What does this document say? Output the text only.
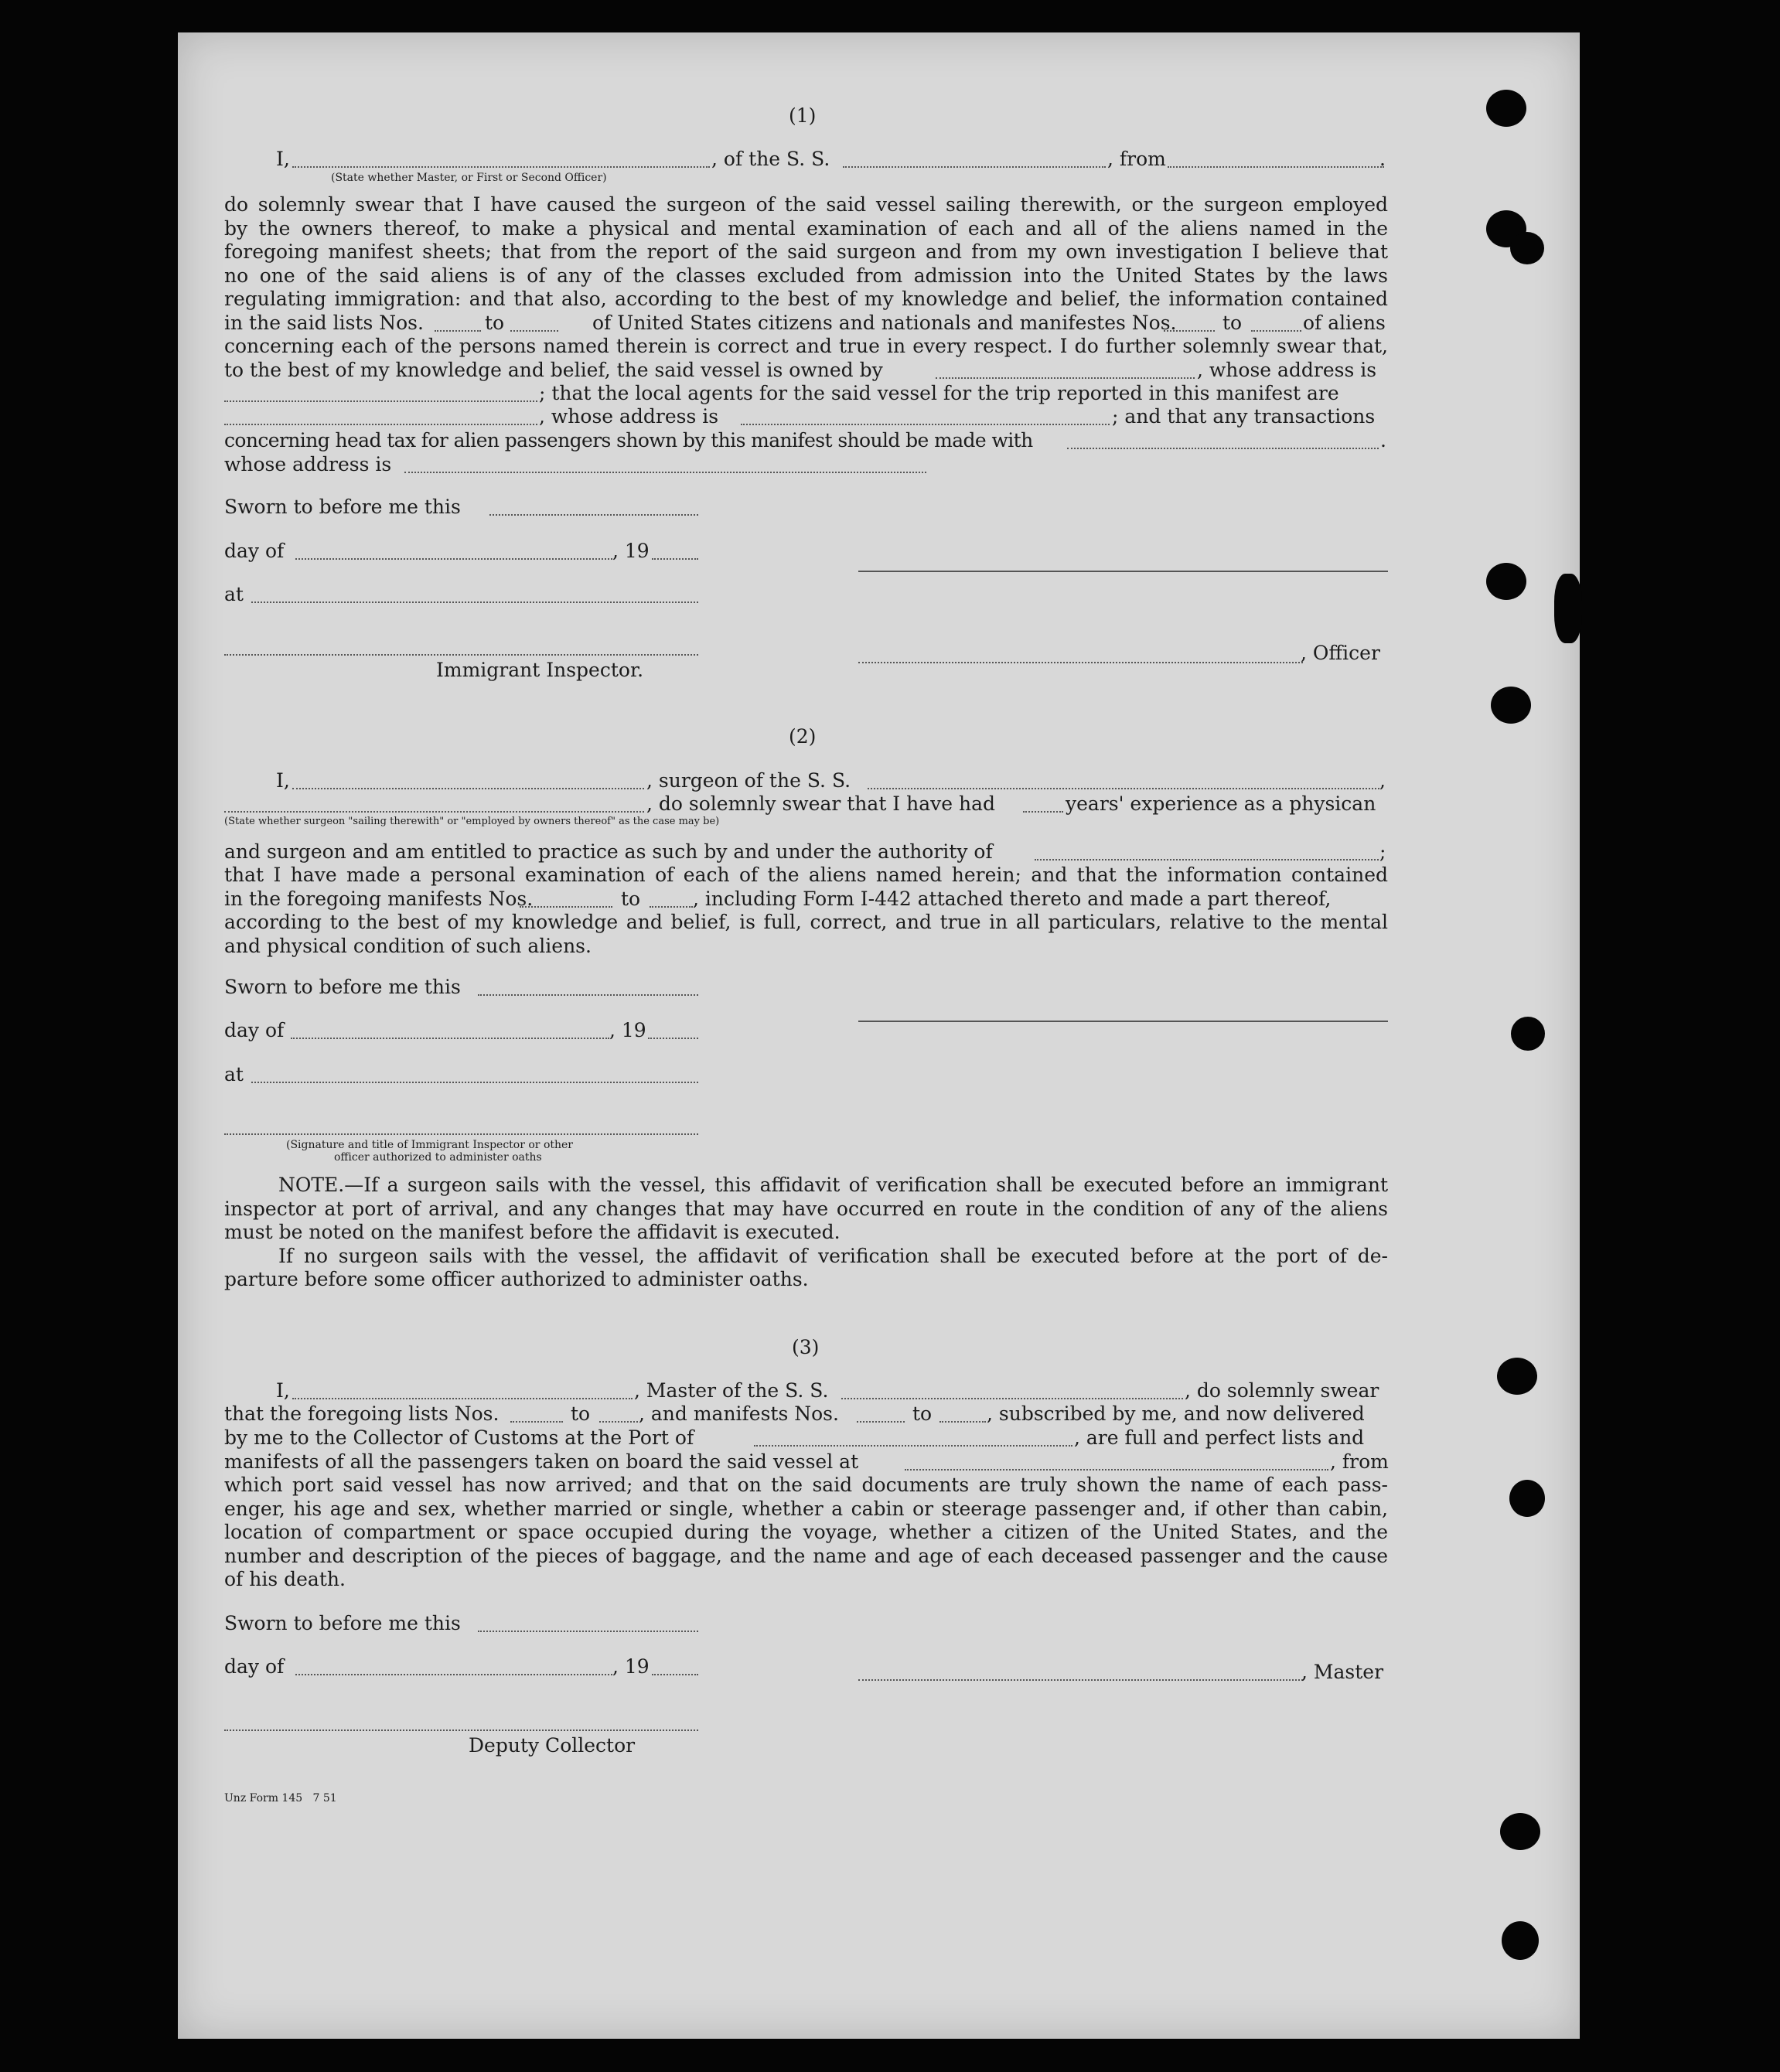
(1)
I,	, of the S. S.	, from	.
(State whether Master, or First or Second Officer)
do solemnly swear that I have caused the surgeon of the said vessel sailing therewith, or the surgeon employed
by the owners thereof, to make a physical and mental examination of each and all of the aliens named in the
foregoing manifest sheets; that from the report of the said surgeon and from my own investigation I believe that
no one of the said aliens is of any of the classes excluded from admission into the United States by the laws
regulating immigration: and that also, according to the best of my knowledge and belief, the information contained
in the said lists Nos.	to	of United States citizens and nationals and manifestes Nos. to	of aliens
concerning each of the persons named therein is correct and true in every respect. I do further solemnly swear that,
to the best of my knowledge and belief, the said vessel is owned by	, whose address is
; that the local agents for the said vessel for the trip reported in this manifest are
, whose address is	; and that any transactions
concerning head tax for alien passengers shown by this manifest should be made with	.
whose address is
Sworn to before me this
day of	, 19
at
, Officer
Immigrant Inspector.
(2)
I,	, surgeon of the S. S.	,
, do solemnly swear that I have had	years' experience as a physican
(State whether surgeon "sailing therewith" or "employed by owners thereof" as the case may be)
and surgeon and am entitled to practice as such by and under the authority of	;
that I have made a personal examination of each of the aliens named herein; and that the information contained
in the foregoing manifests Nos.	to	, including Form I-442 attached thereto and made a part thereof,
according to the best of my knowledge and belief, is full, correct, and true in all particulars, relative to the mental
and physical condition of such aliens.
Sworn to before me this
day of	, 19
at
(Signature and title of Immigrant Inspector or other
officer authorized to administer oaths
NOTE.—If a surgeon sails with the vessel, this affidavit of verification shall be executed before an immigrant
inspector at port of arrival, and any changes that may have occurred en route in the condition of any of the aliens
must be noted on the manifest before the affidavit is executed.
If no surgeon sails with the vessel, the affidavit of verification shall be executed before at the port of de-
parture before some officer authorized to administer oaths.
(3)
I,	, Master of the S. S.	, do solemnly swear
that the foregoing lists Nos.	to	, and manifests Nos.	to	, subscribed by me, and now delivered
by me to the Collector of Customs at the Port of	, are full and perfect lists and
manifests of all the passengers taken on board the said vessel at	, from
which port said vessel has now arrived; and that on the said documents are truly shown the name of each pass-
enger, his age and sex, whether married or single, whether a cabin or steerage passenger and, if other than cabin,
location of compartment or space occupied during the voyage, whether a citizen of the United States, and the
number and description of the pieces of baggage, and the name and age of each deceased passenger and the cause
of his death.
Sworn to before me this
day of	, 19	, Master
Deputy Collector
Unz Form 145   7 51
